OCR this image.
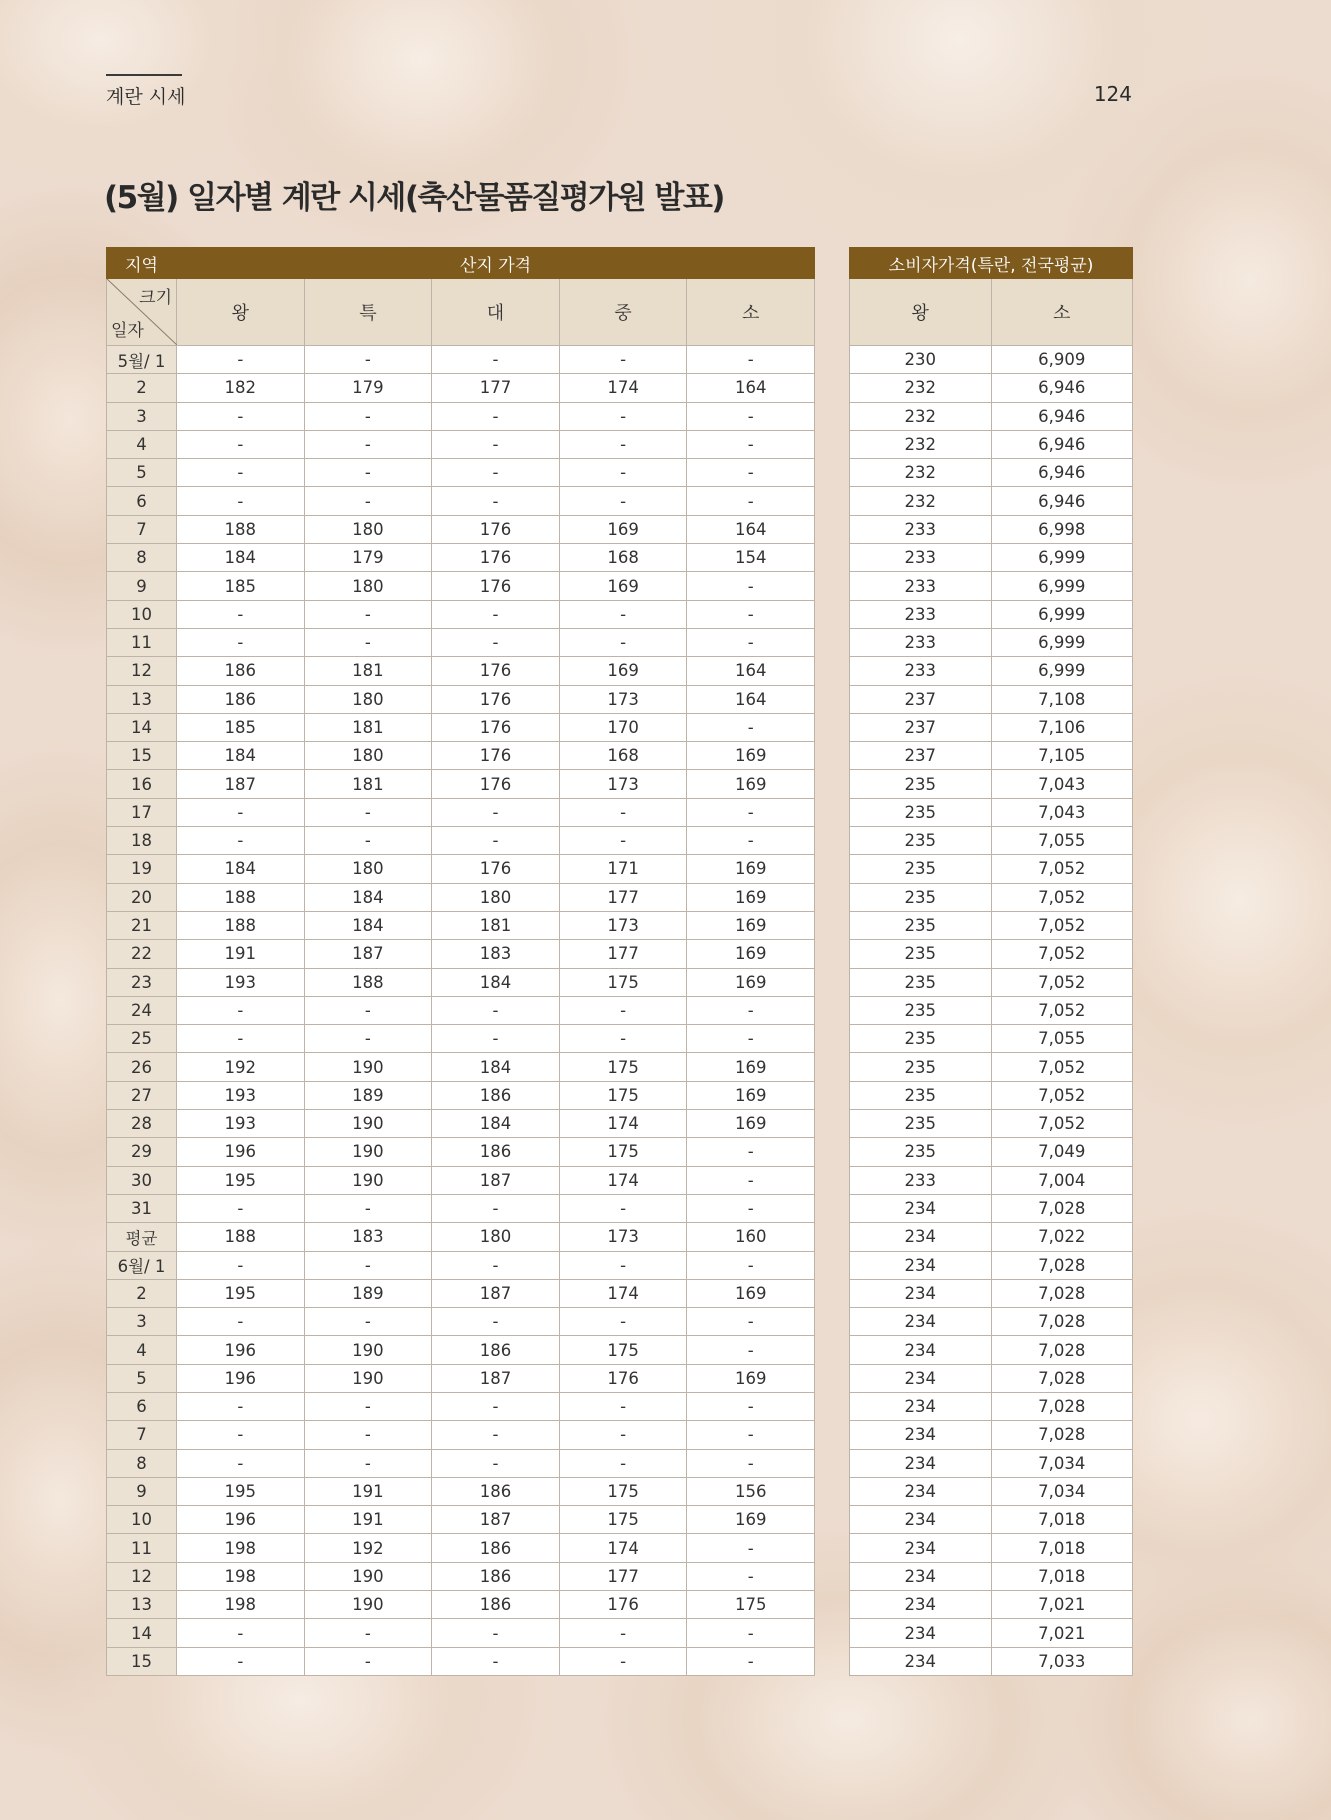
계란 시세	124
(5월) 일자별 계란 시세(축산물품질평가원 발표)
지역	산지 가격				

크기
일자	왕	특	대	중	소
5월/ 1	-	-	-	-	-
2	182	179	177	174	164
3	-	-	-	-	-
4	-	-	-	-	-
5	-	-	-	-	-
6	-	-	-	-	-
7	188	180	176	169	164
8	184	179	176	168	154
9	185	180	176	169	-
10	-	-	-	-	-
11	-	-	-	-	-
12	186	181	176	169	164
13	186	180	176	173	164
14	185	181	176	170	-
15	184	180	176	168	169
16	187	181	176	173	169
17	-	-	-	-	-
18	-	-	-	-	-
19	184	180	176	171	169
20	188	184	180	177	169
21	188	184	181	173	169
22	191	187	183	177	169
23	193	188	184	175	169
24	-	-	-	-	-
25	-	-	-	-	-
26	192	190	184	175	169
27	193	189	186	175	169
28	193	190	184	174	169
29	196	190	186	175	-
30	195	190	187	174	-
31	-	-	-	-	-
평균	188	183	180	173	160
6월/ 1	-	-	-	-	-
2	195	189	187	174	169
3	-	-	-	-	-
4	196	190	186	175	-
5	196	190	187	176	169
6	-	-	-	-	-
7	-	-	-	-	-
8	-	-	-	-	-
9	195	191	186	175	156
10	196	191	187	175	169
11	198	192	186	174	-
12	198	190	186	177	-
13	198	190	186	176	175
14	-	-	-	-	-
15	-	-	-	-	-
소비자가격(특란, 전국평균)	
왕	소
230	6,909
232	6,946
232	6,946
232	6,946
232	6,946
232	6,946
233	6,998
233	6,999
233	6,999
233	6,999
233	6,999
233	6,999
237	7,108
237	7,106
237	7,105
235	7,043
235	7,043
235	7,055
235	7,052
235	7,052
235	7,052
235	7,052
235	7,052
235	7,052
235	7,055
235	7,052
235	7,052
235	7,052
235	7,049
233	7,004
234	7,028
234	7,022
234	7,028
234	7,028
234	7,028
234	7,028
234	7,028
234	7,028
234	7,028
234	7,034
234	7,034
234	7,018
234	7,018
234	7,018
234	7,021
234	7,021
234	7,033
